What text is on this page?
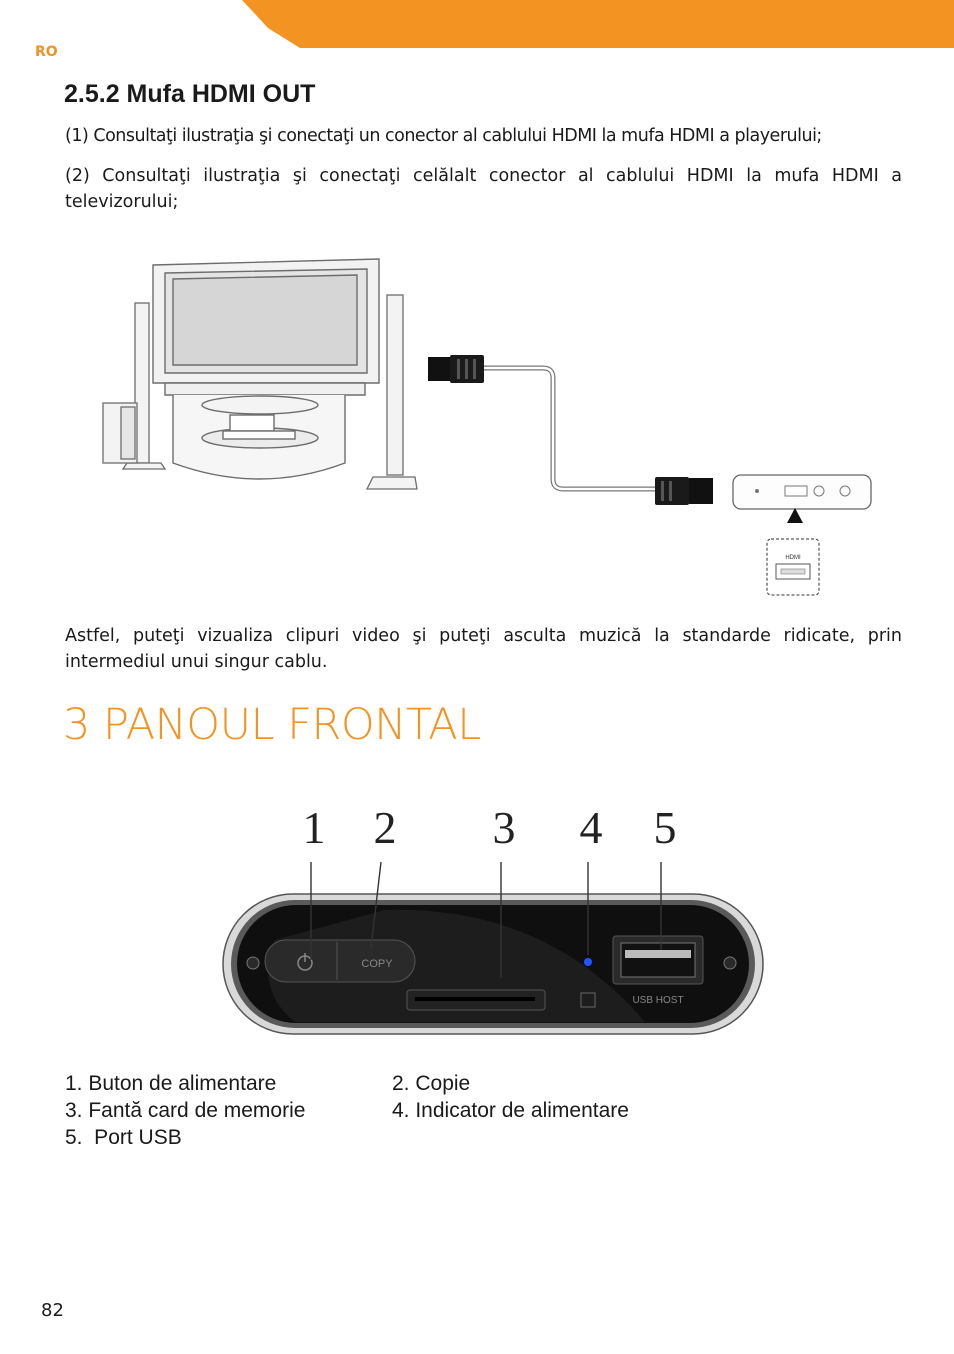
RO
2.5.2 Mufa HDMI OUT

(1) Consultaţi ilustraţia şi conectaţi un conector al cablului HDMI la mufa HDMI a playerului;

(2) Consultaţi ilustraţia şi conectaţi celălalt conector al cablului HDMI la mufa HDMI a televizorului;

HDMI

Astfel, puteţi vizualiza clipuri video şi puteţi asculta muzică la standarde ridicate, prin intermediul unui singur cablu.

3 PANOUL FRONTAL
1 2 3 4 5
COPY
USB HOST
1. Buton de alimentare
3. Fantă card de memorie
5.  Port USB
2. Copie
4. Indicator de alimentare
82
